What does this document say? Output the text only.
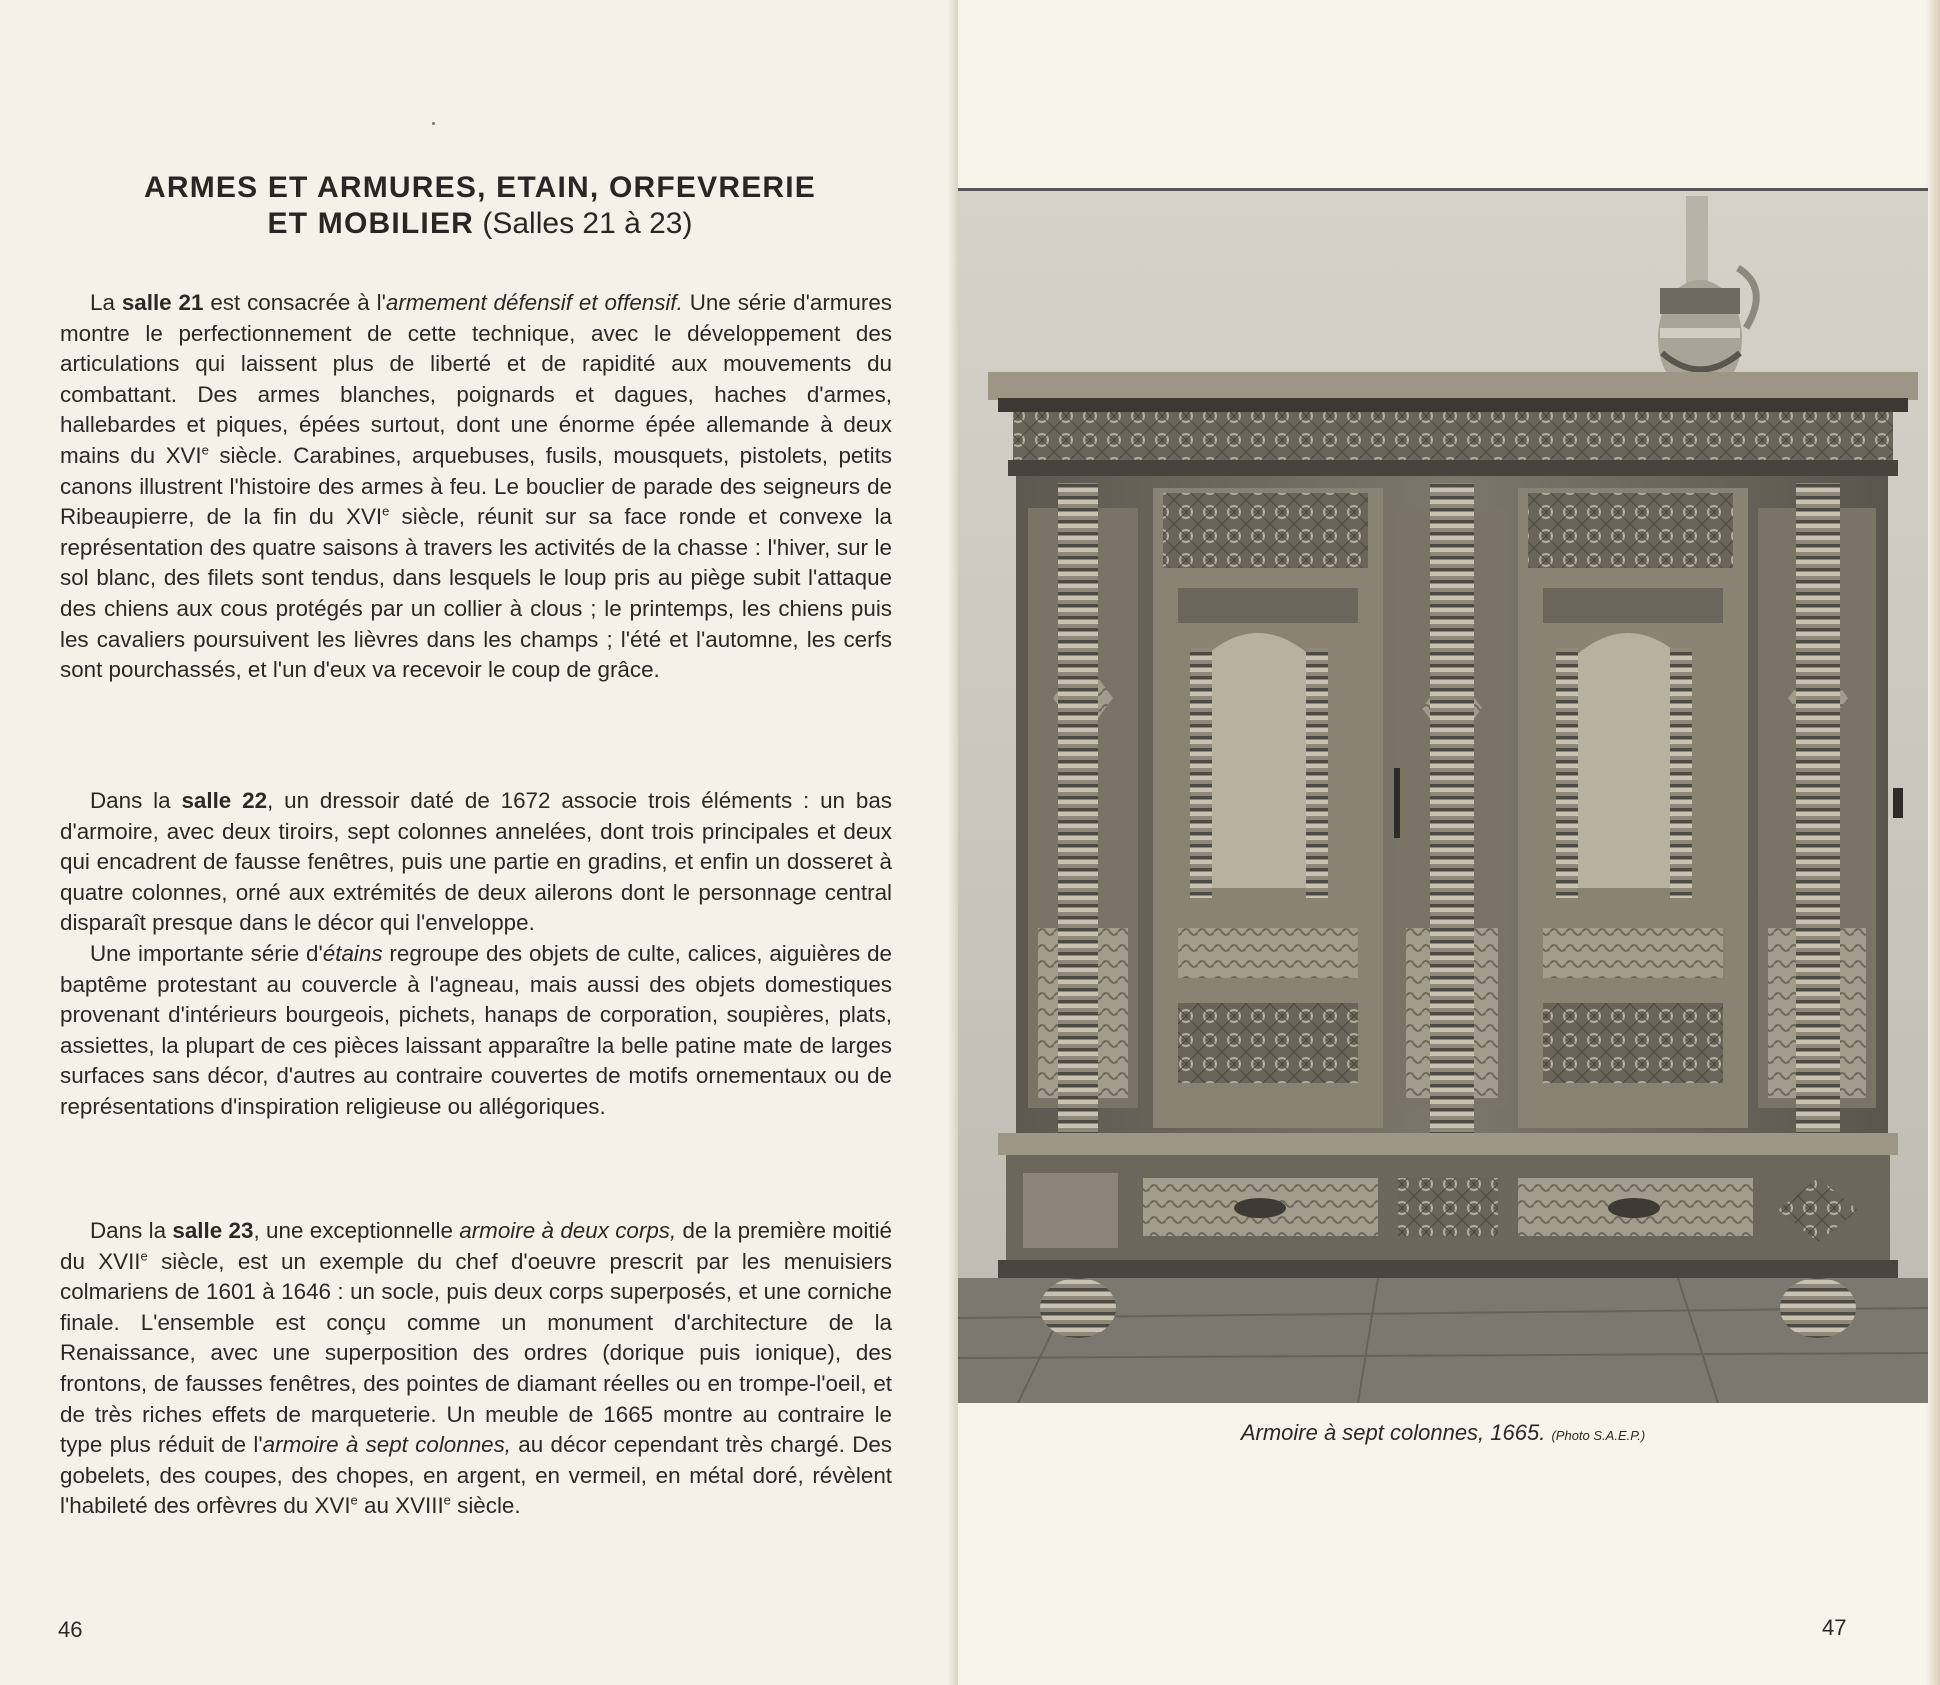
ARMES ET ARMURES, ETAIN, ORFEVRERIE

ET MOBILIER (Salles 21 à 23)

La salle 21 est consacrée à l'armement défensif et offensif. Une série d'armures montre le perfectionnement de cette technique, avec le développement des articulations qui laissent plus de liberté et de rapidité aux mouvements du combattant. Des armes blanches, poignards et dagues, haches d'armes, hallebardes et piques, épées surtout, dont une énorme épée allemande à deux mains du XVIe siècle. Carabines, arquebuses, fusils, mousquets, pistolets, petits canons illustrent l'histoire des armes à feu. Le bouclier de parade des seigneurs de Ribeaupierre, de la fin du XVIe siècle, réunit sur sa face ronde et convexe la représentation des quatre saisons à travers les activités de la chasse : l'hiver, sur le sol blanc, des filets sont tendus, dans lesquels le loup pris au piège subit l'attaque des chiens aux cous protégés par un collier à clous ; le printemps, les chiens puis les cavaliers poursuivent les lièvres dans les champs ; l'été et l'automne, les cerfs sont pourchassés, et l'un d'eux va recevoir le coup de grâce.

Dans la salle 22, un dressoir daté de 1672 associe trois éléments : un bas d'armoire, avec deux tiroirs, sept colonnes annelées, dont trois principales et deux qui encadrent de fausse fenêtres, puis une partie en gradins, et enfin un dosseret à quatre colonnes, orné aux extrémités de deux ailerons dont le personnage central disparaît presque dans le décor qui l'enveloppe.

Une importante série d'étains regroupe des objets de culte, calices, aiguières de baptême protestant au couvercle à l'agneau, mais aussi des objets domestiques provenant d'intérieurs bourgeois, pichets, hanaps de corporation, soupières, plats, assiettes, la plupart de ces pièces laissant apparaître la belle patine mate de larges surfaces sans décor, d'autres au contraire couvertes de motifs ornementaux ou de représentations d'inspiration religieuse ou allégoriques.

Dans la salle 23, une exceptionnelle armoire à deux corps, de la première moitié du XVIIe siècle, est un exemple du chef d'oeuvre prescrit par les menuisiers colmariens de 1601 à 1646 : un socle, puis deux corps superposés, et une corniche finale. L'ensemble est conçu comme un monument d'architecture de la Renaissance, avec une superposition des ordres (dorique puis ionique), des frontons, de fausses fenêtres, des pointes de diamant réelles ou en trompe-l'oeil, et de très riches effets de marqueterie. Un meuble de 1665 montre au contraire le type plus réduit de l'armoire à sept colonnes, au décor cependant très chargé. Des gobelets, des coupes, des chopes, en argent, en vermeil, en métal doré, révèlent l'habileté des orfèvres du XVIe au XVIIIe siècle.

46
Armoire à sept colonnes, 1665. (Photo S.A.E.P.)
47
